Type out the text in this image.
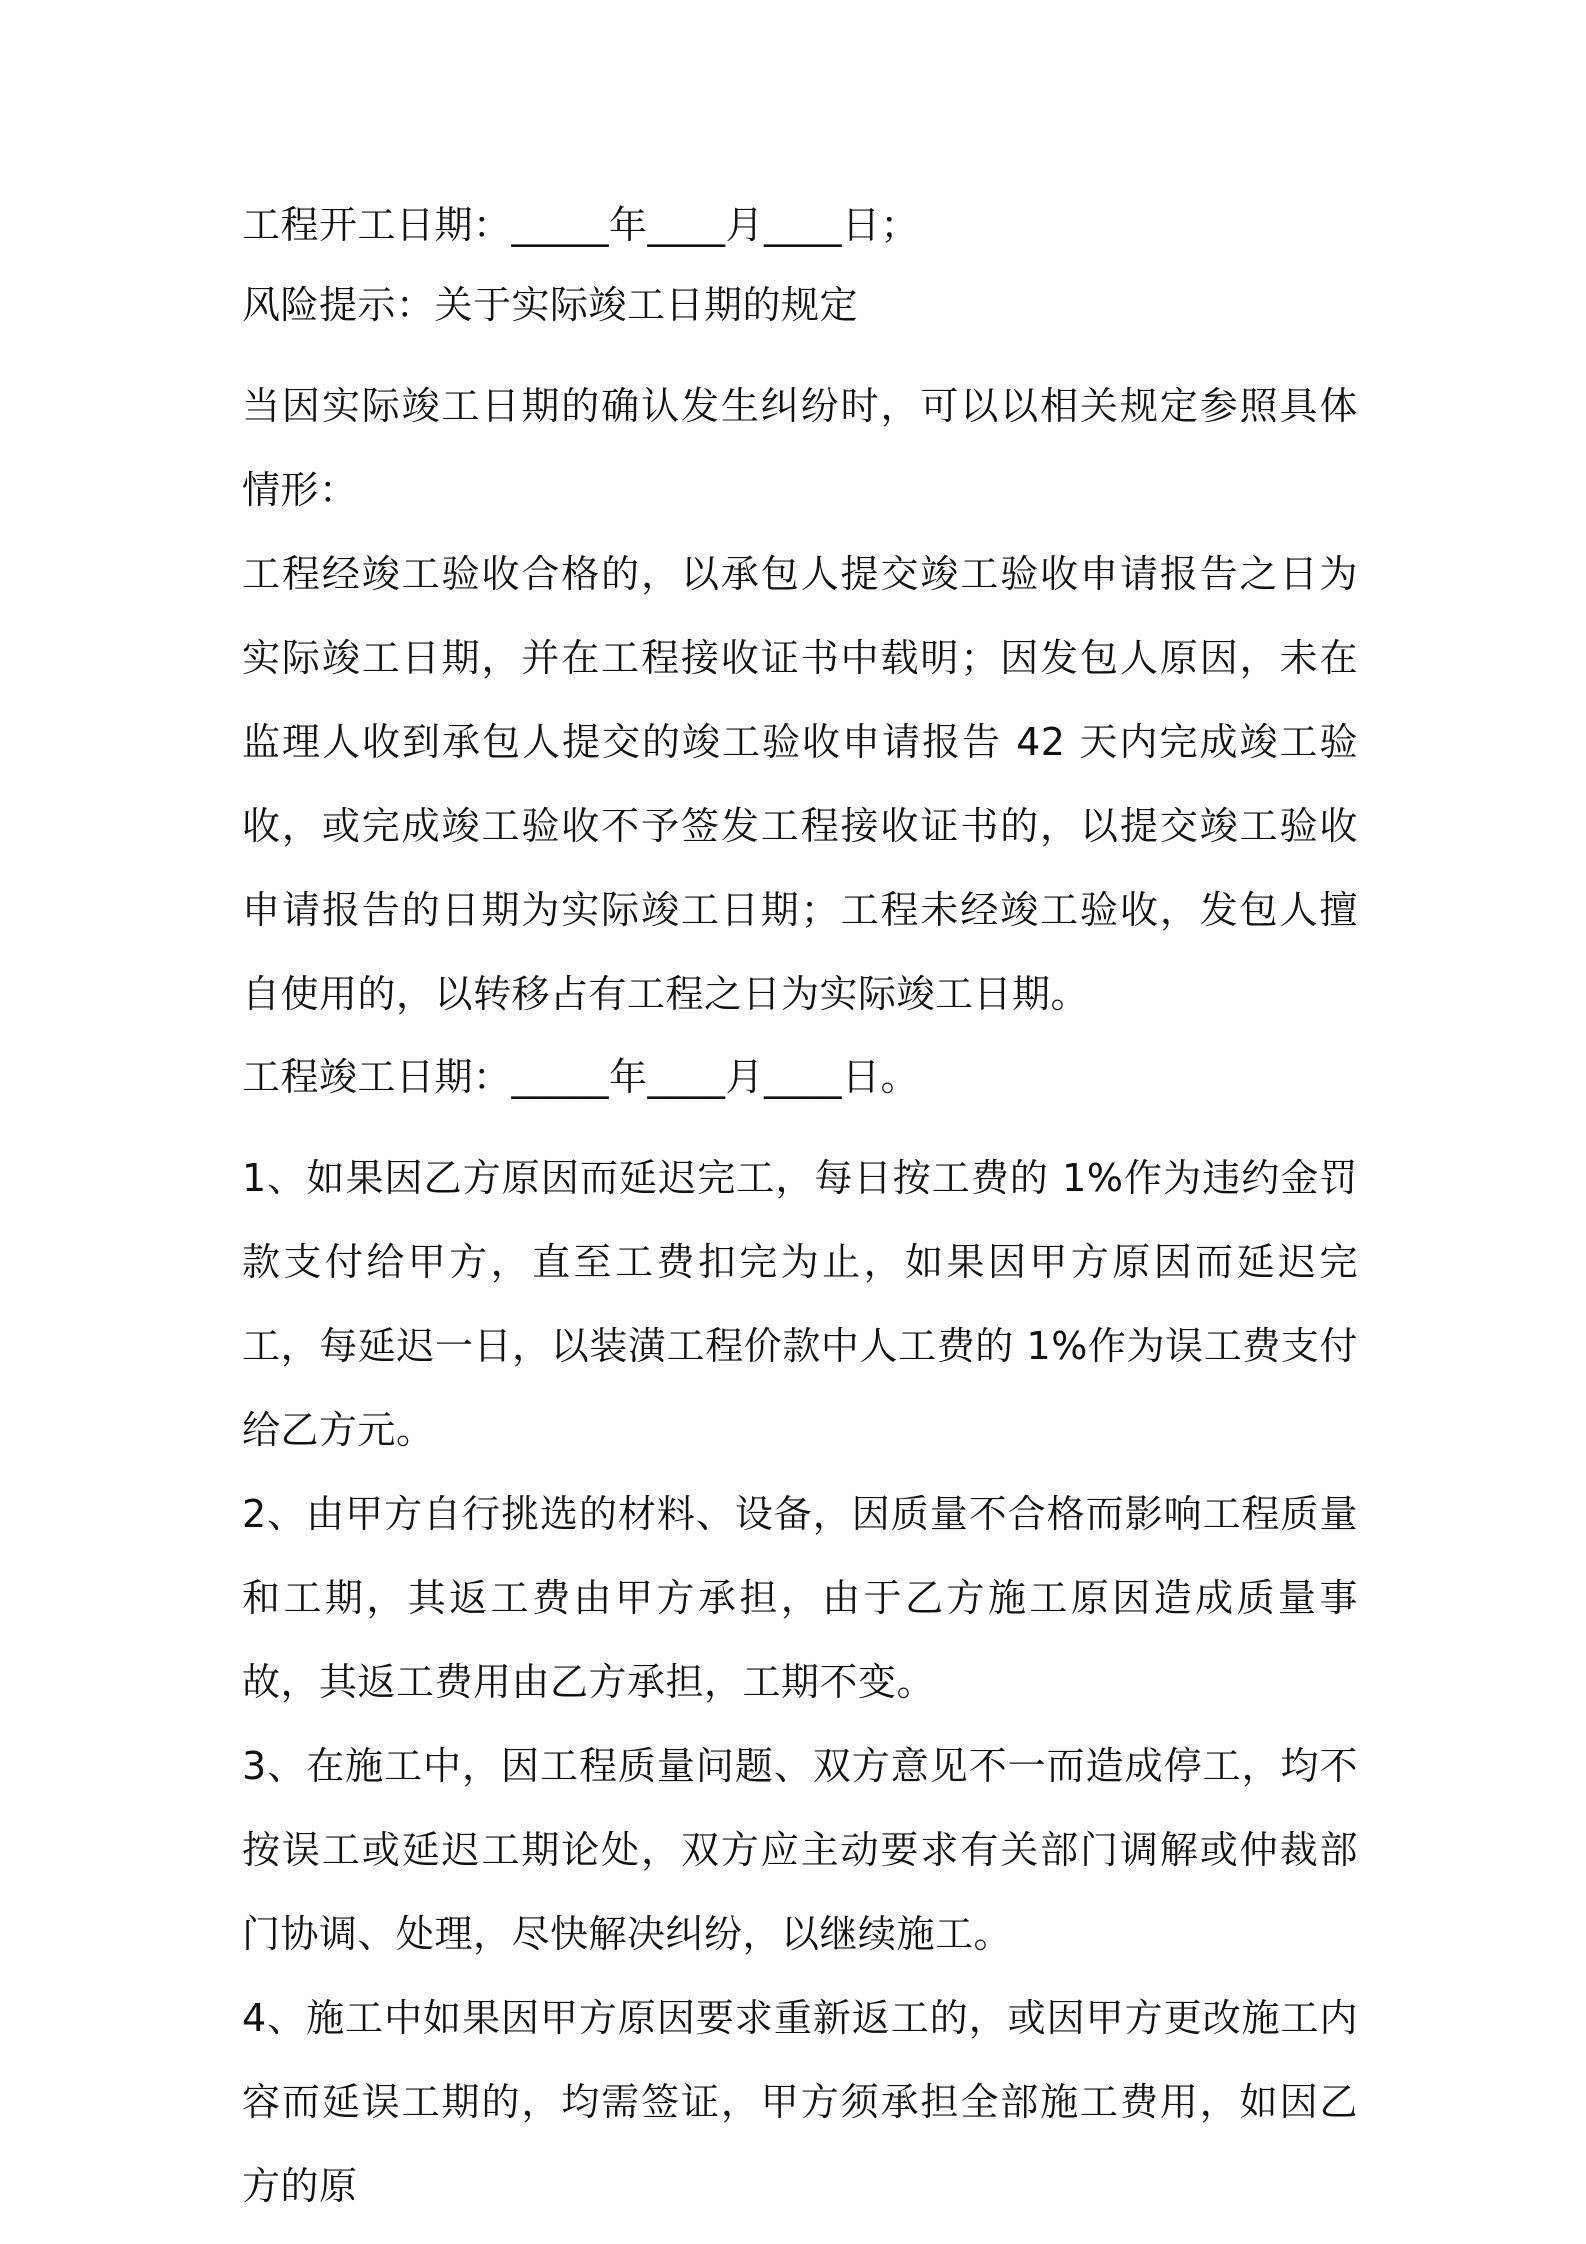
工程开工日期：_____年____月____日；

风险提示：关于实际竣工日期的规定

当因实际竣工日期的确认发生纠纷时，可以以相关规定参照具体情形：

工程经竣工验收合格的，以承包人提交竣工验收申请报告之日为实际竣工日期，并在工程接收证书中载明；因发包人原因，未在监理人收到承包人提交的竣工验收申请报告 42 天内完成竣工验收，或完成竣工验收不予签发工程接收证书的，以提交竣工验收申请报告的日期为实际竣工日期；工程未经竣工验收，发包人擅自使用的，以转移占有工程之日为实际竣工日期。

工程竣工日期：_____年____月____日。

1、如果因乙方原因而延迟完工，每日按工费的 1%作为违约金罚款支付给甲方，直至工费扣完为止，如果因甲方原因而延迟完工，每延迟一日，以装潢工程价款中人工费的 1%作为误工费支付给乙方元。

2、由甲方自行挑选的材料、设备，因质量不合格而影响工程质量和工期，其返工费由甲方承担，由于乙方施工原因造成质量事故，其返工费用由乙方承担，工期不变。

3、在施工中，因工程质量问题、双方意见不一而造成停工，均不按误工或延迟工期论处，双方应主动要求有关部门调解或仲裁部门协调、处理，尽快解决纠纷，以继续施工。

4、施工中如果因甲方原因要求重新返工的，或因甲方更改施工内容而延误工期的，均需签证，甲方须承担全部施工费用，如因乙方的原
